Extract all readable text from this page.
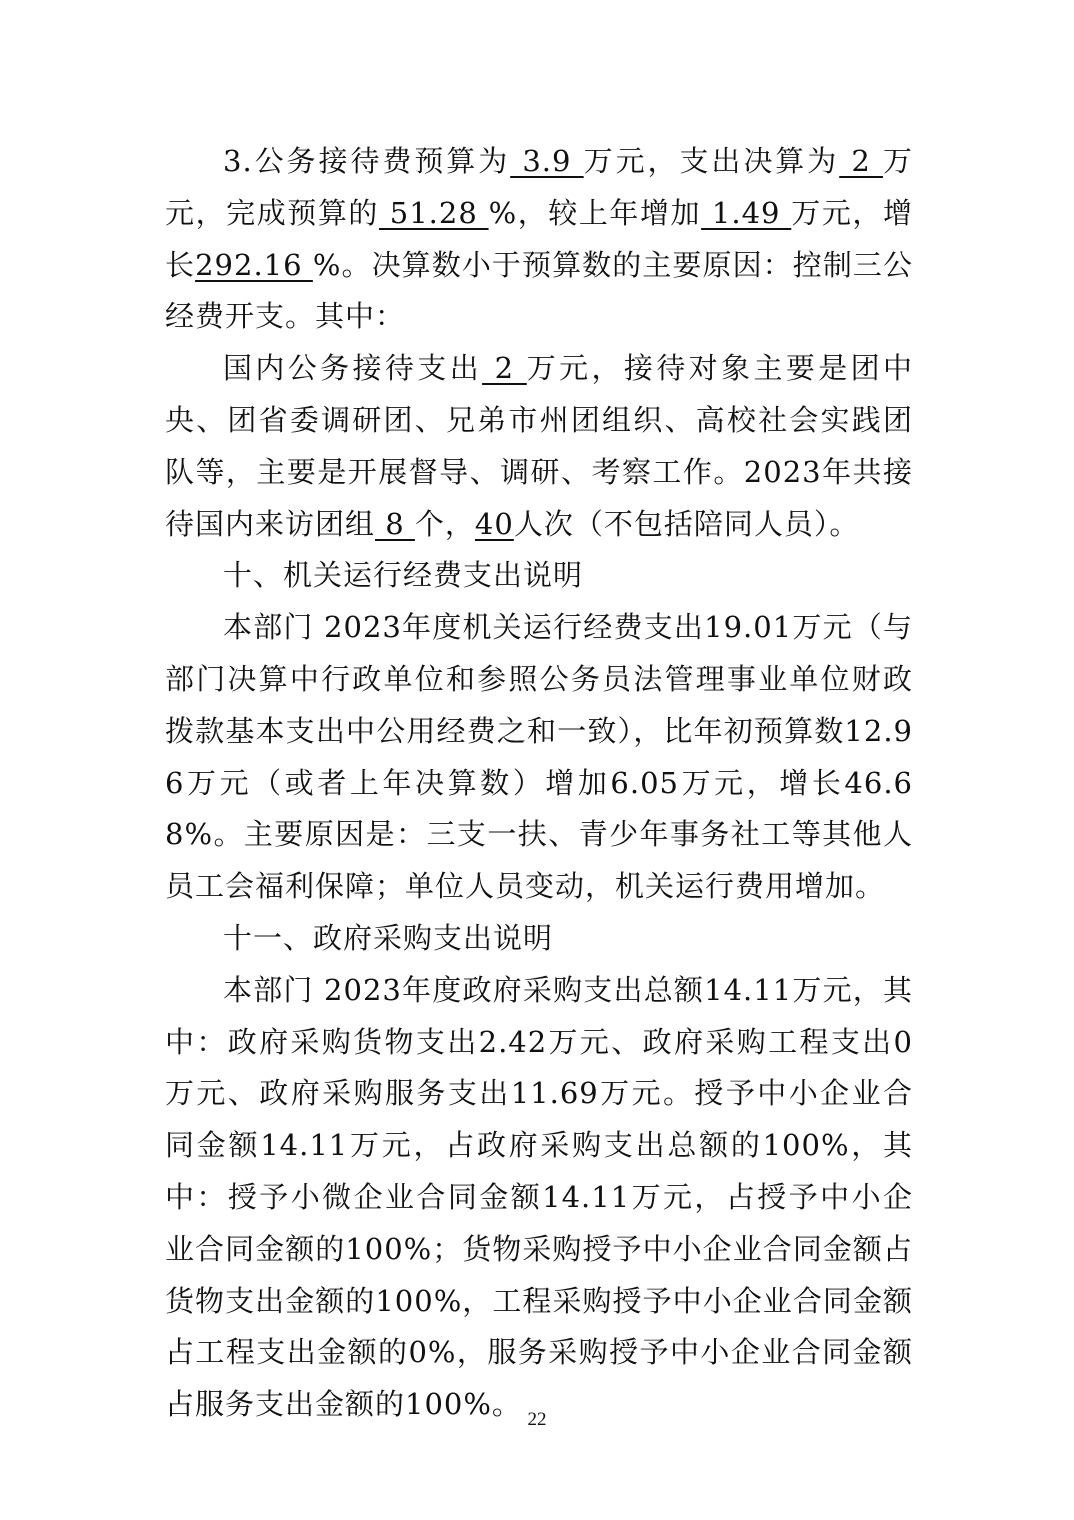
3.公务接待费预算为 3.9 万元，支出决算为 2 万元，完成预算的 51.28 %，较上年增加 1.49 万元，增长292.16 %。决算数小于预算数的主要原因：控制三公经费开支。其中：

国内公务接待支出 2 万元，接待对象主要是团中央、团省委调研团、兄弟市州团组织、高校社会实践团队等，主要是开展督导、调研、考察工作。2023年共接待国内来访团组 8 个，40人次（不包括陪同人员）。

十、机关运行经费支出说明

本部门 2023年度机关运行经费支出19.01万元（与部门决算中行政单位和参照公务员法管理事业单位财政拨款基本支出中公用经费之和一致），比年初预算数12.96万元（或者上年决算数）增加6.05万元，增长46.68%。主要原因是：三支一扶、青少年事务社工等其他人员工会福利保障；单位人员变动，机关运行费用增加。

十一、政府采购支出说明

本部门 2023年度政府采购支出总额14.11万元，其中：政府采购货物支出2.42万元、政府采购工程支出0万元、政府采购服务支出11.69万元。授予中小企业合同金额14.11万元，占政府采购支出总额的100%，其中：授予小微企业合同金额14.11万元，占授予中小企业合同金额的100%；货物采购授予中小企业合同金额占货物支出金额的100%，工程采购授予中小企业合同金额占工程支出金额的0%，服务采购授予中小企业合同金额占服务支出金额的100%。 22
